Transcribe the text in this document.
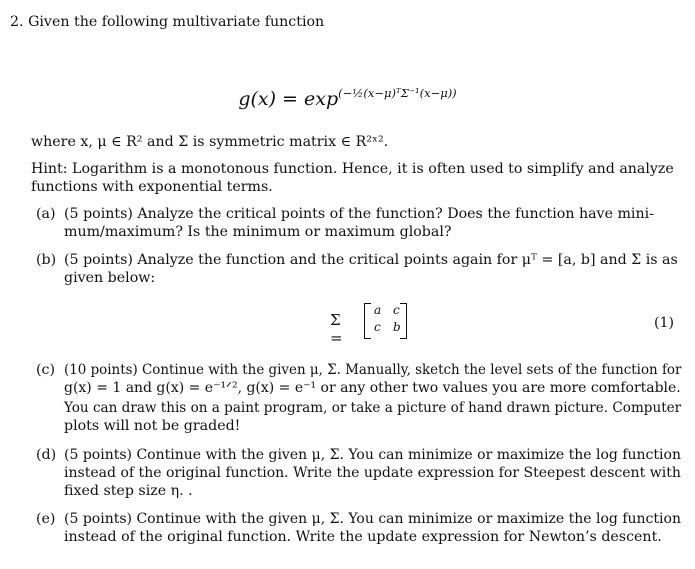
2. Given the following multivariate function
$g(x) = \exp^{(-\frac{1}{2}(x-\mu)ᵀ\Sigma^{-1}(x-\mu))}$
where x, μ ∈ R² and Σ is symmetric matrix ∈ R²ˣ².
Hint: Logarithm is a monotonous function. Hence, it is often used to simplify and analyze
functions with exponential terms.
(a) (5 points) Analyze the critical points of the function? Does the function have mini-
mum/maximum? Is the minimum or maximum global?
(b) (5 points) Analyze the function and the critical points again for μᵀ = [a, b] and Σ is as
given below:
Σ =
a c
c b	(1)
(c) (10 points) Continue with the given μ, Σ. Manually, sketch the level sets of the function for
g(x) = 1 and g(x) = e⁻¹ᐟ², g(x) = e⁻¹ or any other two values you are more comfortable.
You can draw this on a paint program, or take a picture of hand drawn picture. Computer
plots will not be graded!
(d) (5 points) Continue with the given μ, Σ. You can minimize or maximize the log function
instead of the original function. Write the update expression for Steepest descent with
fixed step size η. .
(e) (5 points) Continue with the given μ, Σ. You can minimize or maximize the log function
instead of the original function. Write the update expression for Newton’s descent.
